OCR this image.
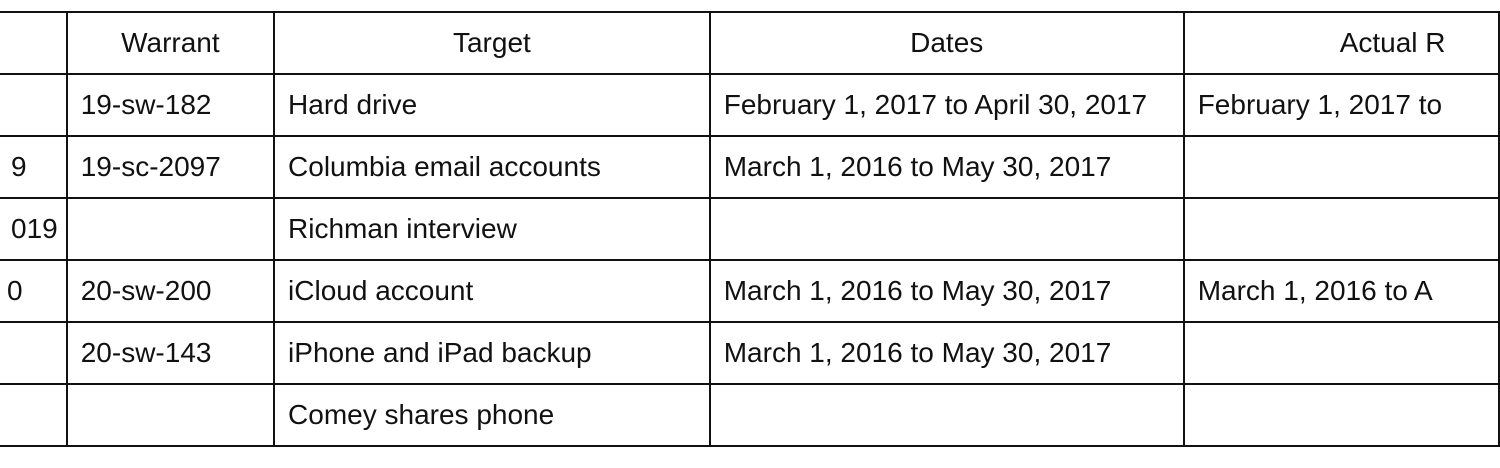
	Warrant	Target	Dates	Actual R
	19-sw-182	Hard drive	February 1, 2017 to April 30, 2017	February 1, 2017 to
9	19-sc-2097	Columbia email accounts	March 1, 2016 to May 30, 2017	
019		Richman interview		
0	20-sw-200	iCloud account	March 1, 2016 to May 30, 2017	March 1, 2016 to A
	20-sw-143	iPhone and iPad backup	March 1, 2016 to May 30, 2017	
		Comey shares phone		
